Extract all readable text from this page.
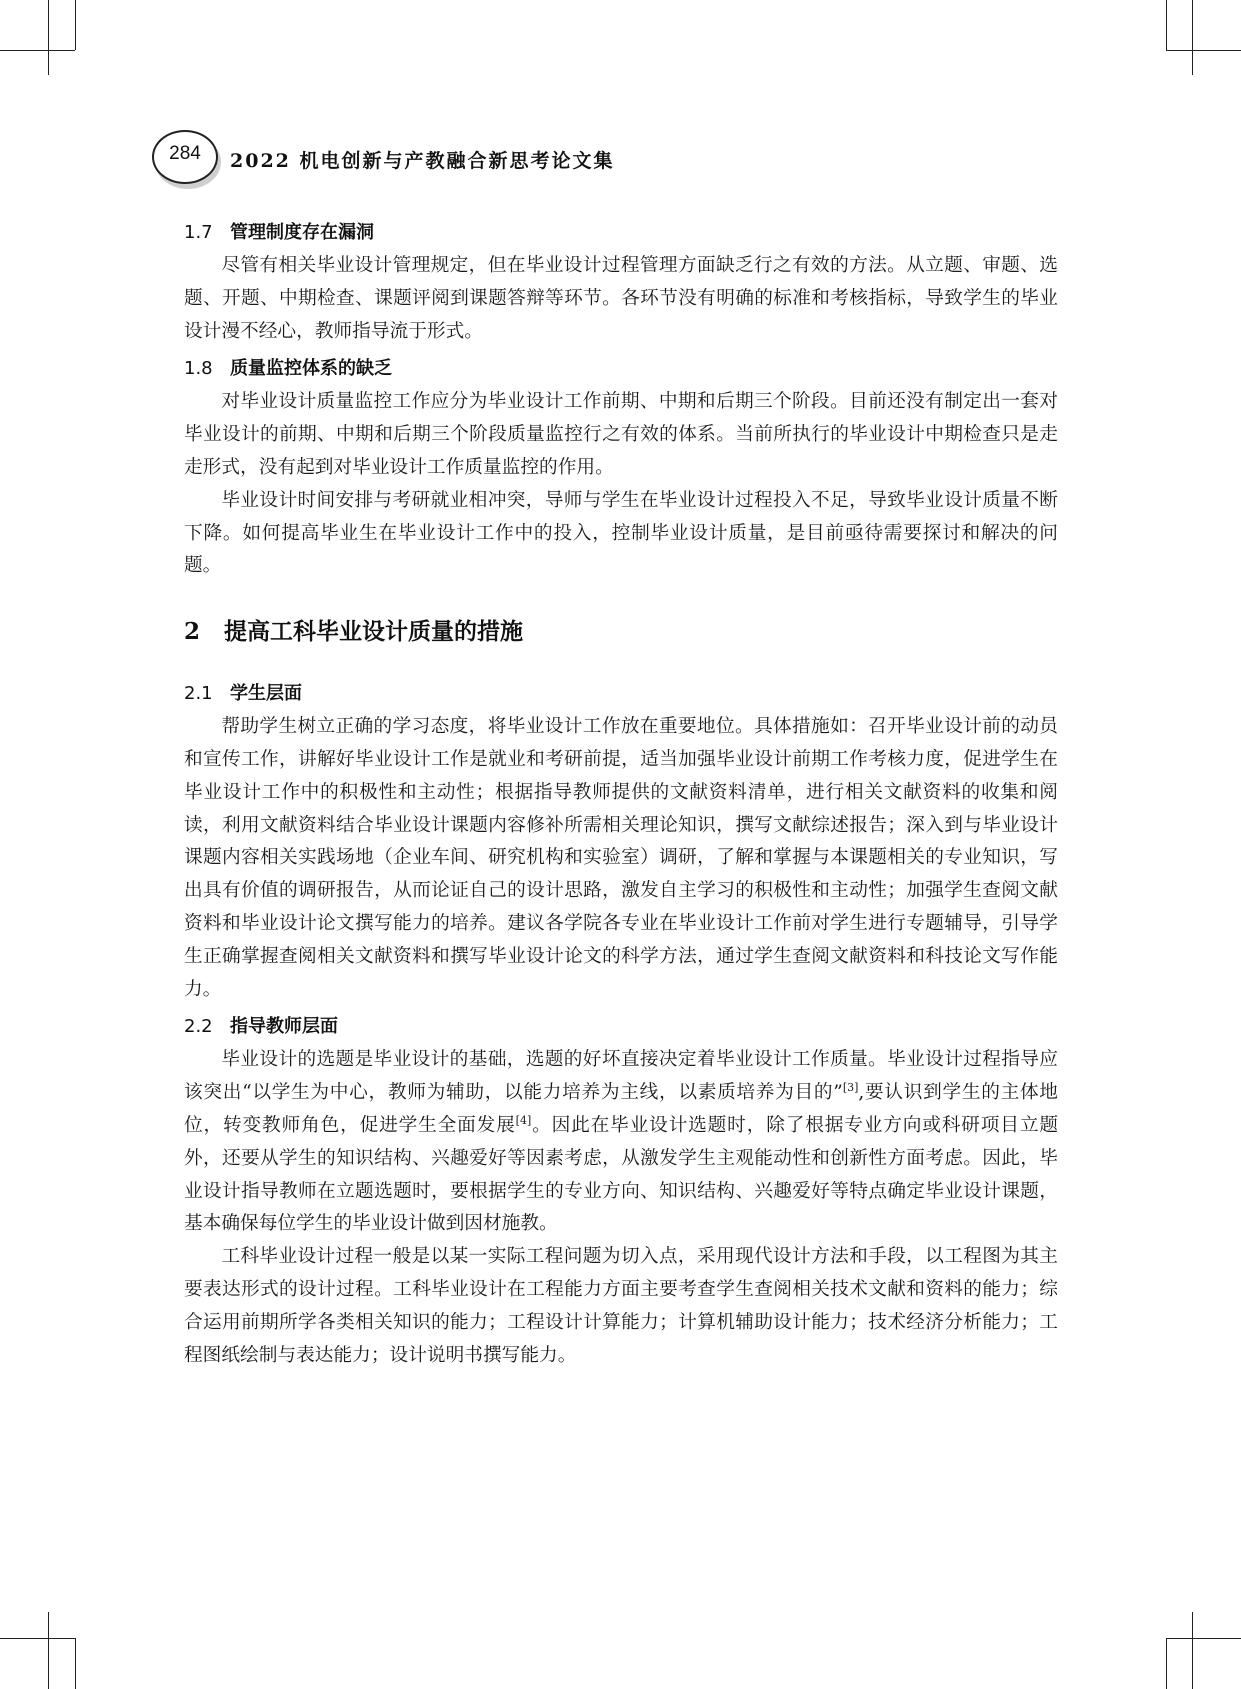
284	2022 机电创新与产教融合新思考论文集
1.7 管理制度存在漏洞

尽管有相关毕业设计管理规定，但在毕业设计过程管理方面缺乏行之有效的方法。从立题、审题、选题、开题、中期检查、课题评阅到课题答辩等环节。各环节没有明确的标准和考核指标，导致学生的毕业设计漫不经心，教师指导流于形式。

1.8 质量监控体系的缺乏

对毕业设计质量监控工作应分为毕业设计工作前期、中期和后期三个阶段。目前还没有制定出一套对毕业设计的前期、中期和后期三个阶段质量监控行之有效的体系。当前所执行的毕业设计中期检查只是走走形式，没有起到对毕业设计工作质量监控的作用。

毕业设计时间安排与考研就业相冲突，导师与学生在毕业设计过程投入不足，导致毕业设计质量不断下降。如何提高毕业生在毕业设计工作中的投入，控制毕业设计质量，是目前亟待需要探讨和解决的问题。

2 提高工科毕业设计质量的措施
2.1 学生层面

帮助学生树立正确的学习态度，将毕业设计工作放在重要地位。具体措施如：召开毕业设计前的动员和宣传工作，讲解好毕业设计工作是就业和考研前提，适当加强毕业设计前期工作考核力度，促进学生在毕业设计工作中的积极性和主动性；根据指导教师提供的文献资料清单，进行相关文献资料的收集和阅读，利用文献资料结合毕业设计课题内容修补所需相关理论知识，撰写文献综述报告；深入到与毕业设计课题内容相关实践场地（企业车间、研究机构和实验室）调研，了解和掌握与本课题相关的专业知识，写出具有价值的调研报告，从而论证自己的设计思路，激发自主学习的积极性和主动性；加强学生查阅文献资料和毕业设计论文撰写能力的培养。建议各学院各专业在毕业设计工作前对学生进行专题辅导，引导学生正确掌握查阅相关文献资料和撰写毕业设计论文的科学方法，通过学生查阅文献资料和科技论文写作能力。

2.2 指导教师层面

毕业设计的选题是毕业设计的基础，选题的好坏直接决定着毕业设计工作质量。毕业设计过程指导应该突出“以学生为中心，教师为辅助，以能力培养为主线，以素质培养为目的”[3],要认识到学生的主体地位，转变教师角色，促进学生全面发展[4]。因此在毕业设计选题时，除了根据专业方向或科研项目立题外，还要从学生的知识结构、兴趣爱好等因素考虑，从激发学生主观能动性和创新性方面考虑。因此，毕业设计指导教师在立题选题时，要根据学生的专业方向、知识结构、兴趣爱好等特点确定毕业设计课题，基本确保每位学生的毕业设计做到因材施教。

工科毕业设计过程一般是以某一实际工程问题为切入点，采用现代设计方法和手段，以工程图为其主要表达形式的设计过程。工科毕业设计在工程能力方面主要考查学生查阅相关技术文献和资料的能力；综合运用前期所学各类相关知识的能力；工程设计计算能力；计算机辅助设计能力；技术经济分析能力；工程图纸绘制与表达能力；设计说明书撰写能力。
